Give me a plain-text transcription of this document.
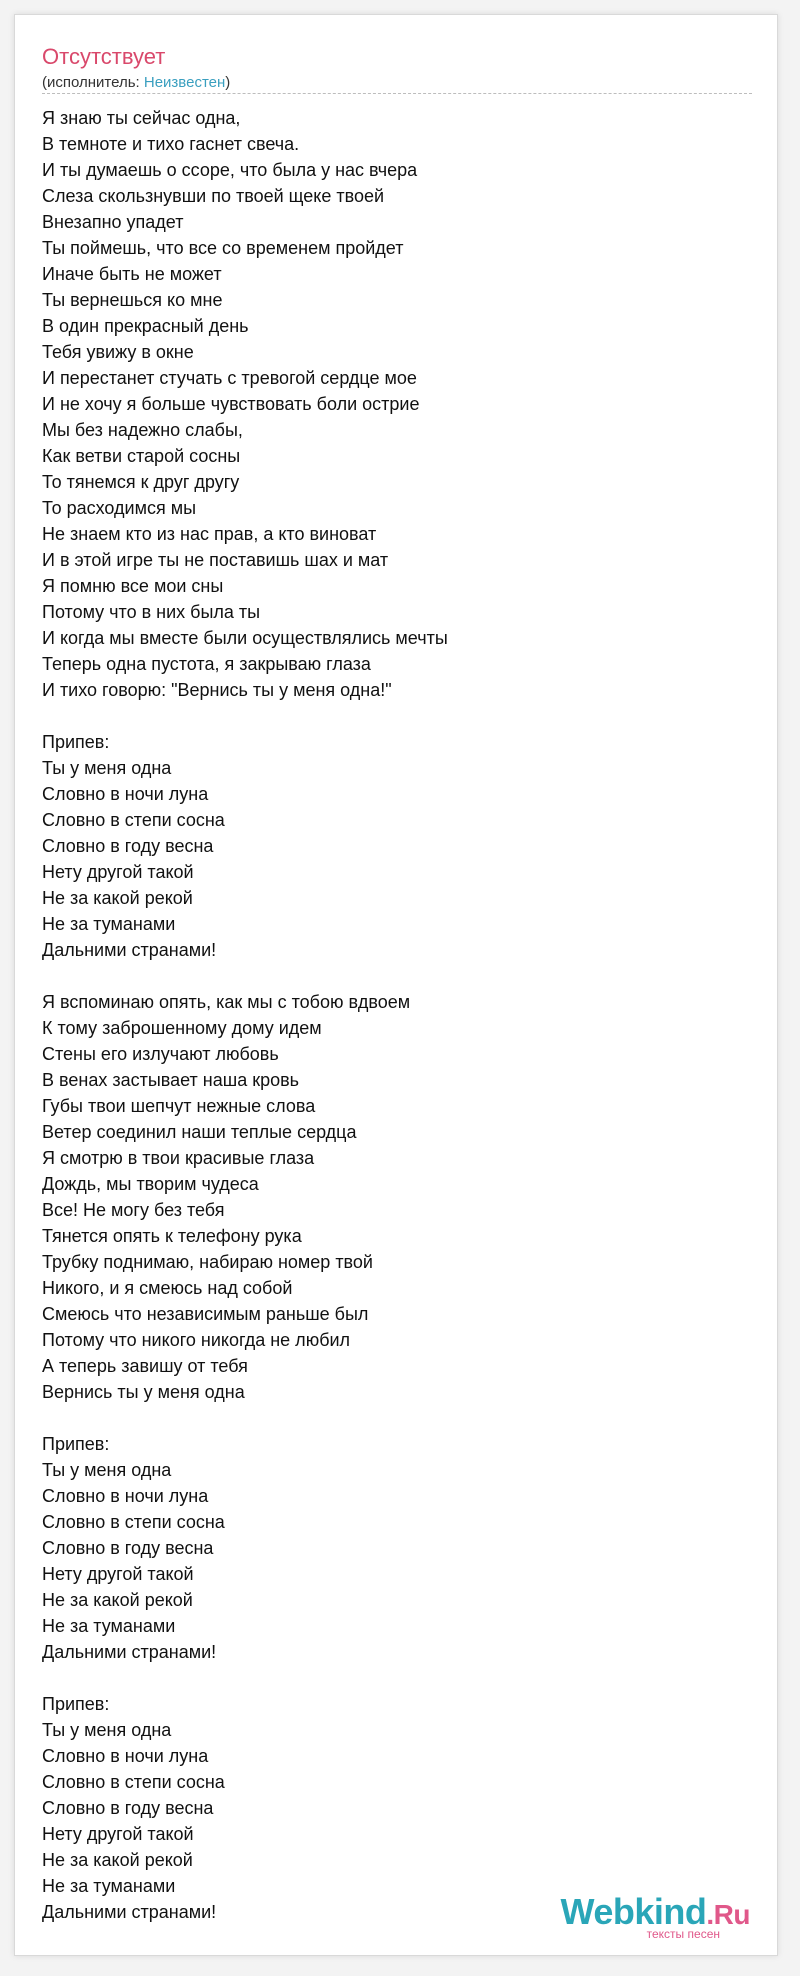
Отсутствует
(исполнитель: Неизвестен)
Я знаю ты сейчас одна,
В темноте и тихо гаснет свеча.
И ты думаешь о ссоре, что была у нас вчера
Слеза скользнувши по твоей щеке твоей
Внезапно упадет
Ты поймешь, что все со временем пройдет
Иначе быть не может
Ты вернешься ко мне
В один прекрасный день
Тебя увижу в окне
И перестанет стучать с тревогой сердце мое
И не хочу я больше чувствовать боли острие
Мы без надежно слабы,
Как ветви старой сосны
То тянемся к друг другу
То расходимся мы
Не знаем кто из нас прав, а кто виноват
И в этой игре ты не поставишь шах и мат
Я помню все мои сны
Потому что в них была ты
И когда мы вместе были осуществлялись мечты
Теперь одна пустота, я закрываю глаза
И тихо говорю: "Вернись ты у меня одна!"

Припев:
Ты у меня одна
Словно в ночи луна
Словно в степи сосна
Словно в году весна
Нету другой такой
Не за какой рекой
Не за туманами
Дальними странами!

Я вспоминаю опять, как мы с тобою вдвоем
К тому заброшенному дому идем
Стены его излучают любовь
В венах застывает наша кровь
Губы твои шепчут нежные слова
Ветер соединил наши теплые сердца
Я смотрю в твои красивые глаза
Дождь, мы творим чудеса
Все! Не могу без тебя
Тянется опять к телефону рука
Трубку поднимаю, набираю номер твой
Никого, и я смеюсь над собой
Смеюсь что независимым раньше был
Потому что никого никогда не любил
А теперь завишу от тебя
Вернись ты у меня одна

Припев:
Ты у меня одна
Словно в ночи луна
Словно в степи сосна
Словно в году весна
Нету другой такой
Не за какой рекой
Не за туманами
Дальними странами!

Припев:
Ты у меня одна
Словно в ночи луна
Словно в степи сосна
Словно в году весна
Нету другой такой
Не за какой рекой
Не за туманами
Дальними странами!	Webkind.Ru
тексты песен
